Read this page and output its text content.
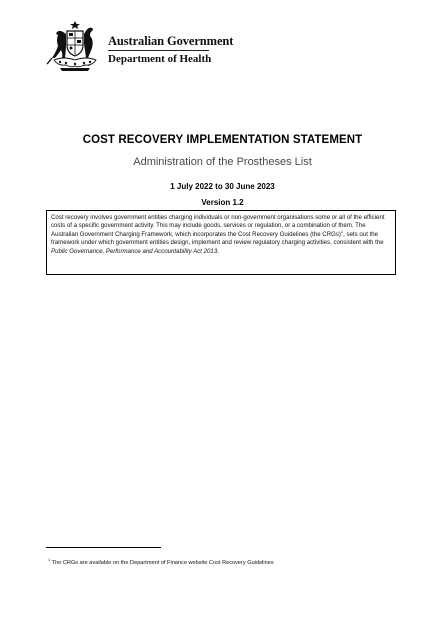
Australian Government
Department of Health
COST RECOVERY IMPLEMENTATION STATEMENT
Administration of the Prostheses List
1 July 2022 to 30 June 2023
Version 1.2

Cost recovery involves government entities charging individuals or non-government organisations some or all of the efficient costs of a specific government activity. This may include goods, services or regulation, or a combination of them. The Australian Government Charging Framework, which incorporates the Cost Recovery Guidelines (the CRGs)$^1$, sets out the framework under which government entities design, implement and review regulatory charging activities, consistent with the Public Governance, Performance and Accountability Act 2013.

$^1$ The CRGs are available on the Department of Finance website Cost Recovery Guidelines
